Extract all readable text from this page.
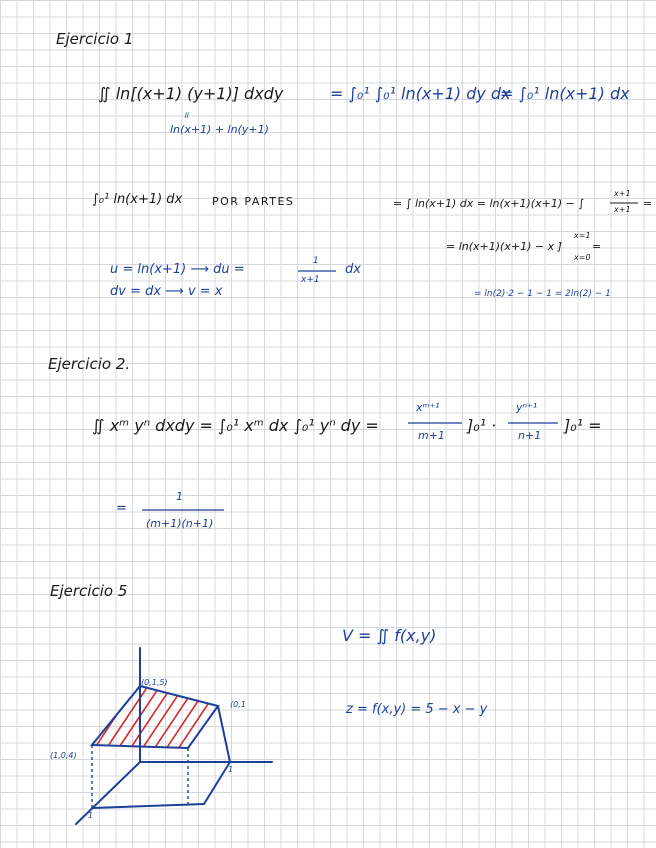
Ejercicio 1
∬ ln[(x+1) (y+1)] dxdy	= ∫₀¹ ∫₀¹ ln(x+1) dy dx
= ∫₀¹ ln(x+1) dx
॥
ln(x+1) + ln(y+1)
∫₀¹ ln(x+1) dx	POR PARTES	= ∫ ln(x+1) dx = ln(x+1)(x+1) − ∫
x+1
x+1 =
= ln(x+1)(x+1) − x ]
x=1
x=0
=
= ln(2)·2 − 1 − 1 = 2ln(2) − 1
u = ln(x+1) ⟶ du =
1
x+1
dx
dv = dx ⟶ v = x
Ejercicio 2.
∬ xᵐ yⁿ dxdy = ∫₀¹ xᵐ dx ∫₀¹ yⁿ dy =
xᵐ⁺¹
m+1
]₀¹ ·
yⁿ⁺¹
n+1
]₀¹ =
=
1
(m+1)(n+1)
Ejercicio 5
V = ∬ f(x,y)
z = f(x,y) = 5 − x − y
(0,1,5)
(0,1
(1,0,4)
1
1
